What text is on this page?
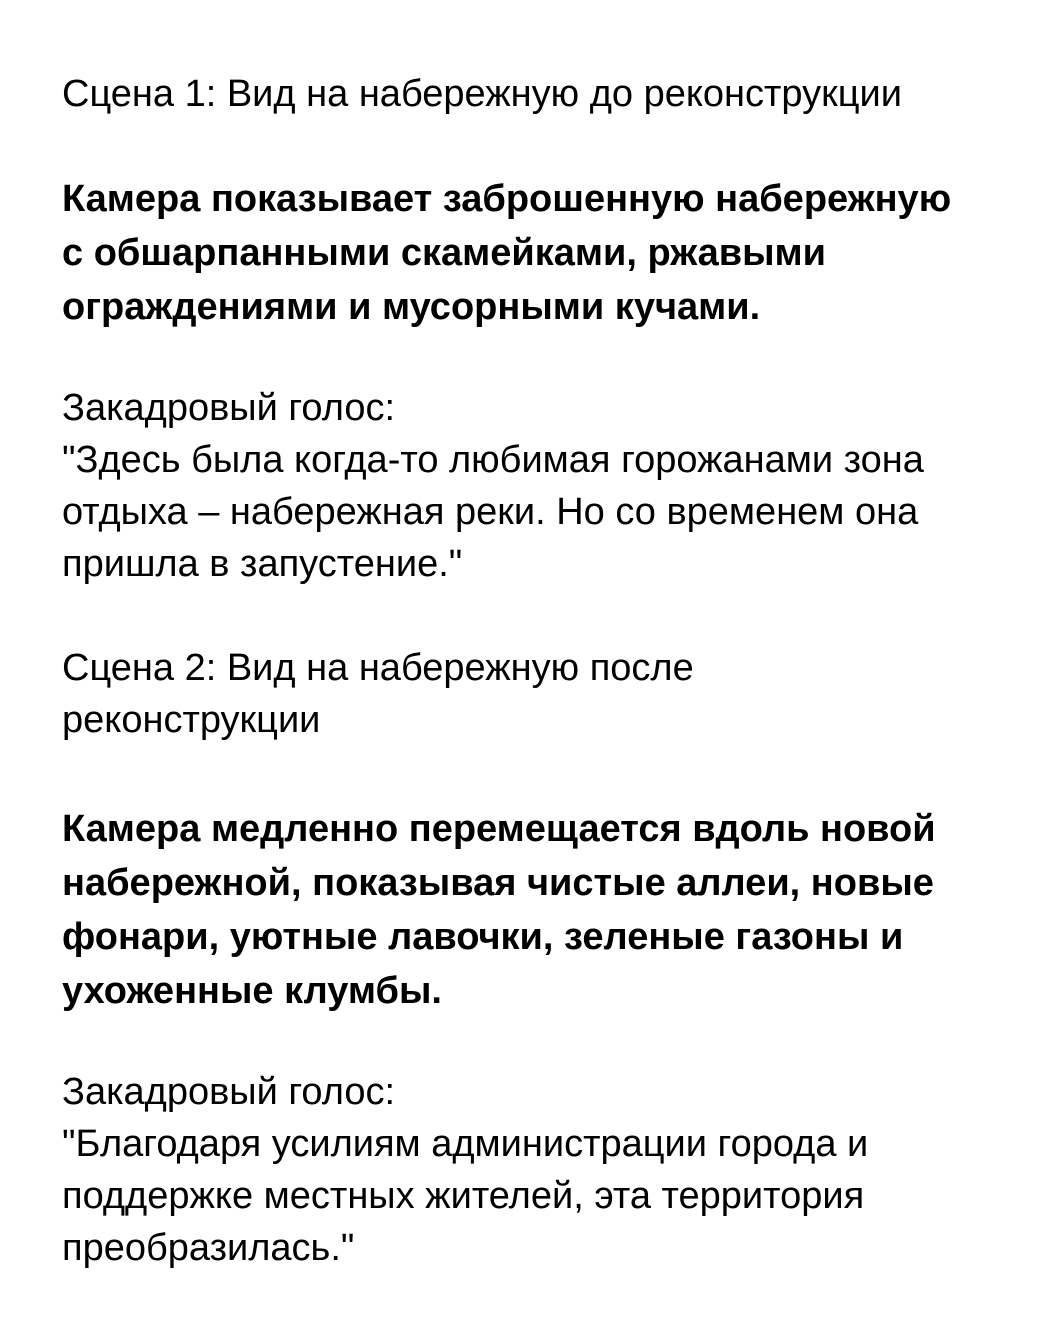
Сцена 1: Вид на набережную до реконструкции

Камера показывает заброшенную набережную
с обшарпанными скамейками, ржавыми
ограждениями и мусорными кучами.

Закадровый голос:
"Здесь была когда-то любимая горожанами зона
отдыха – набережная реки. Но со временем она
пришла в запустение."

Сцена 2: Вид на набережную после
реконструкции

Камера медленно перемещается вдоль новой
набережной, показывая чистые аллеи, новые
фонари, уютные лавочки, зеленые газоны и
ухоженные клумбы.

Закадровый голос:
"Благодаря усилиям администрации города и
поддержке местных жителей, эта территория
преобразилась."
